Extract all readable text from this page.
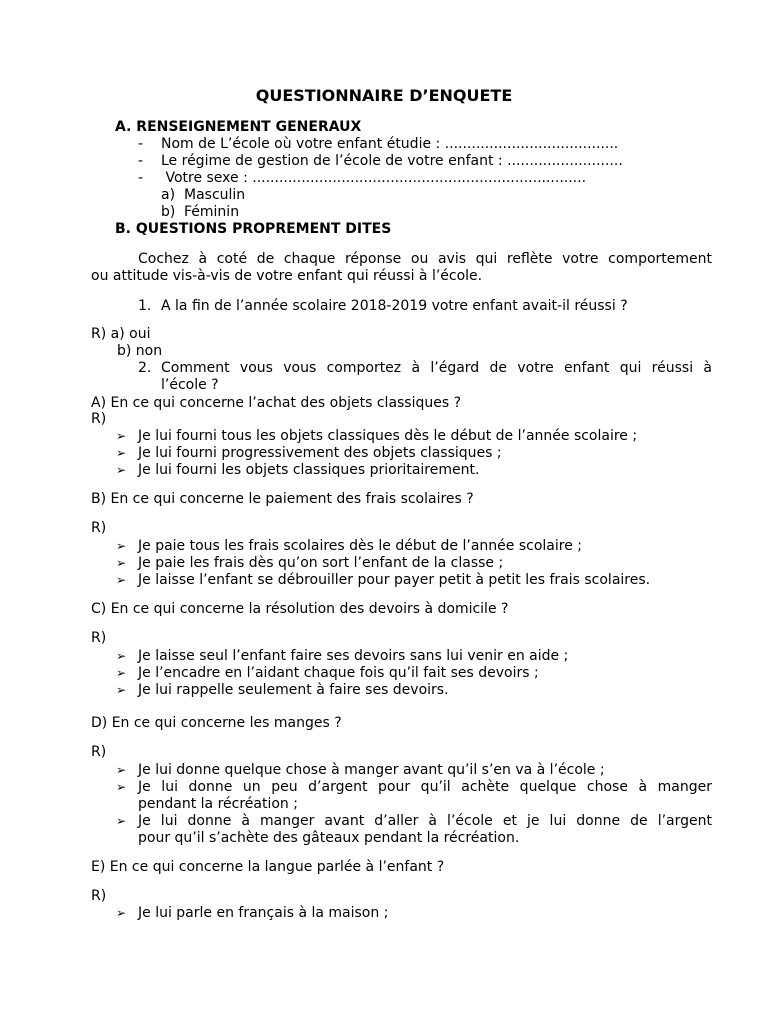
QUESTIONNAIRE D’ENQUETE
A. RENSEIGNEMENT GENERAUX
- Nom de L’école où votre enfant étudie : .......................................
- Le régime de gestion de l’école de votre enfant : ..........................
- Votre sexe : ...........................................................................
a) Masculin
b) Féminin
B. QUESTIONS PROPREMENT DITES
Cochez à coté de chaque réponse ou avis qui reflète votre comportement
ou attitude vis-à-vis de votre enfant qui réussi à l’école.
1. A la fin de l’année scolaire 2018-2019 votre enfant avait-il réussi ?
R) a) oui
b) non
2. Comment vous vous comportez à l’égard de votre enfant qui réussi à
l’école ?
A) En ce qui concerne l’achat des objets classiques ?
R)
➢ Je lui fourni tous les objets classiques dès le début de l’année scolaire ;
➢ Je lui fourni progressivement des objets classiques ;
➢ Je lui fourni les objets classiques prioritairement.
B) En ce qui concerne le paiement des frais scolaires ?
R)
➢ Je paie tous les frais scolaires dès le début de l’année scolaire ;
➢ Je paie les frais dès qu’on sort l’enfant de la classe ;
➢ Je laisse l’enfant se débrouiller pour payer petit à petit les frais scolaires.
C) En ce qui concerne la résolution des devoirs à domicile ?
R)
➢ Je laisse seul l’enfant faire ses devoirs sans lui venir en aide ;
➢ Je l’encadre en l’aidant chaque fois qu’il fait ses devoirs ;
➢ Je lui rappelle seulement à faire ses devoirs.
D) En ce qui concerne les manges ?
R)
➢ Je lui donne quelque chose à manger avant qu’il s’en va à l’école ;
➢ Je lui donne un peu d’argent pour qu’il achète quelque chose à manger
pendant la récréation ;
➢ Je lui donne à manger avant d’aller à l’école et je lui donne de l’argent
pour qu’il s’achète des gâteaux pendant la récréation.
E) En ce qui concerne la langue parlée à l’enfant ?
R)
➢ Je lui parle en français à la maison ;
